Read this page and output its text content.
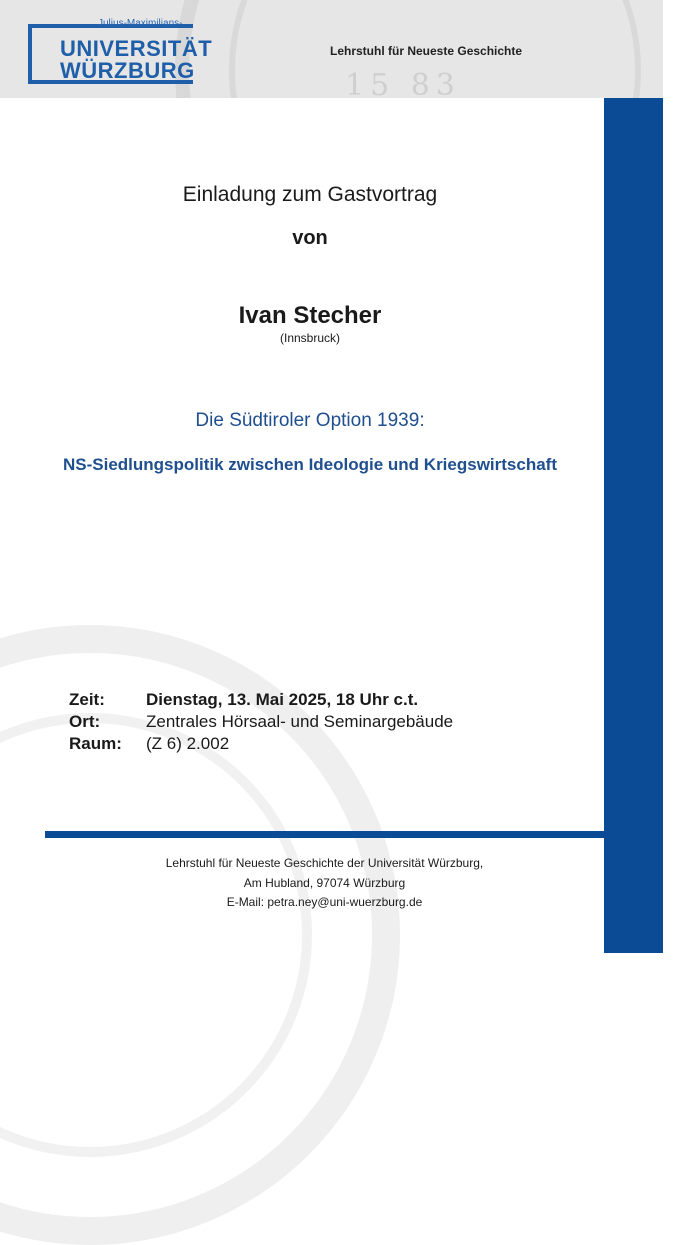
15 83
Julius-Maximilians-
UNIVERSITÄT
WÜRZBURG
Lehrstuhl für Neueste Geschichte
Einladung zum Gastvortrag
von
Ivan Stecher
(Innsbruck)
Die Südtiroler Option 1939:
NS-Siedlungspolitik zwischen Ideologie und Kriegswirtschaft
Zeit: Dienstag, 13. Mai 2025, 18 Uhr c.t.
Ort:	Zentrales Hörsaal- und Seminargebäude
Raum: (Z 6) 2.002
Lehrstuhl für Neueste Geschichte der Universität Würzburg,
Am Hubland, 97074 Würzburg
E-Mail: petra.ney@uni-wuerzburg.de
